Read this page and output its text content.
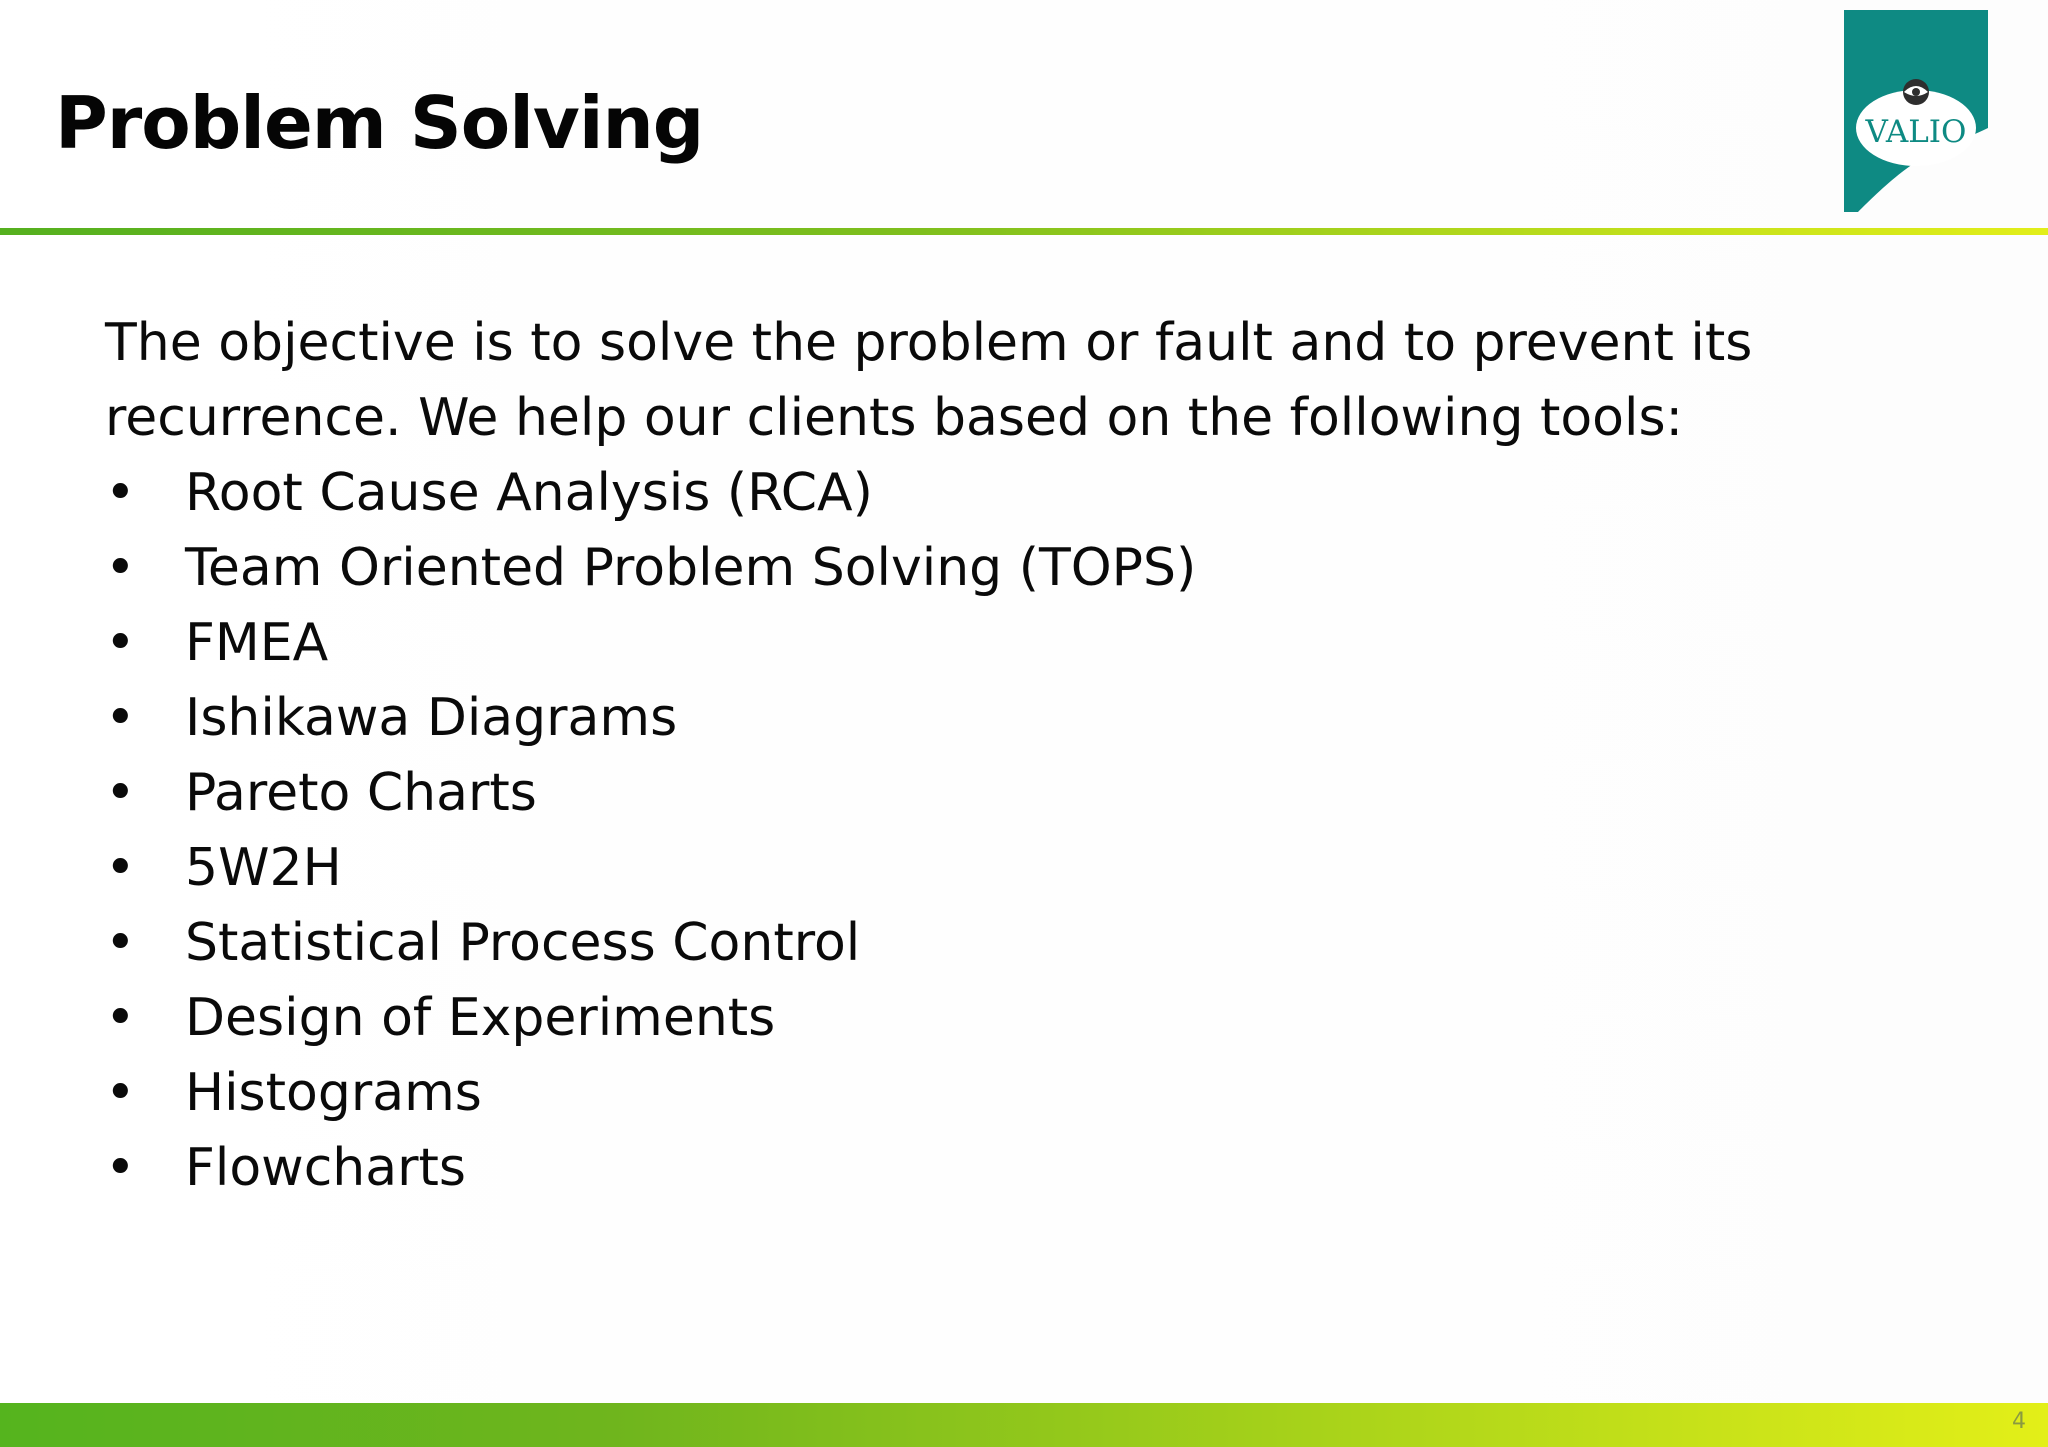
Problem Solving	VALIO

The objective is to solve the problem or fault and to prevent its

recurrence. We help our clients based on the following tools:

• Root Cause Analysis (RCA)
• Team Oriented Problem Solving (TOPS)
• FMEA
• Ishikawa Diagrams
• Pareto Charts
• 5W2H
• Statistical Process Control
• Design of Experiments
• Histograms
• Flowcharts
4
